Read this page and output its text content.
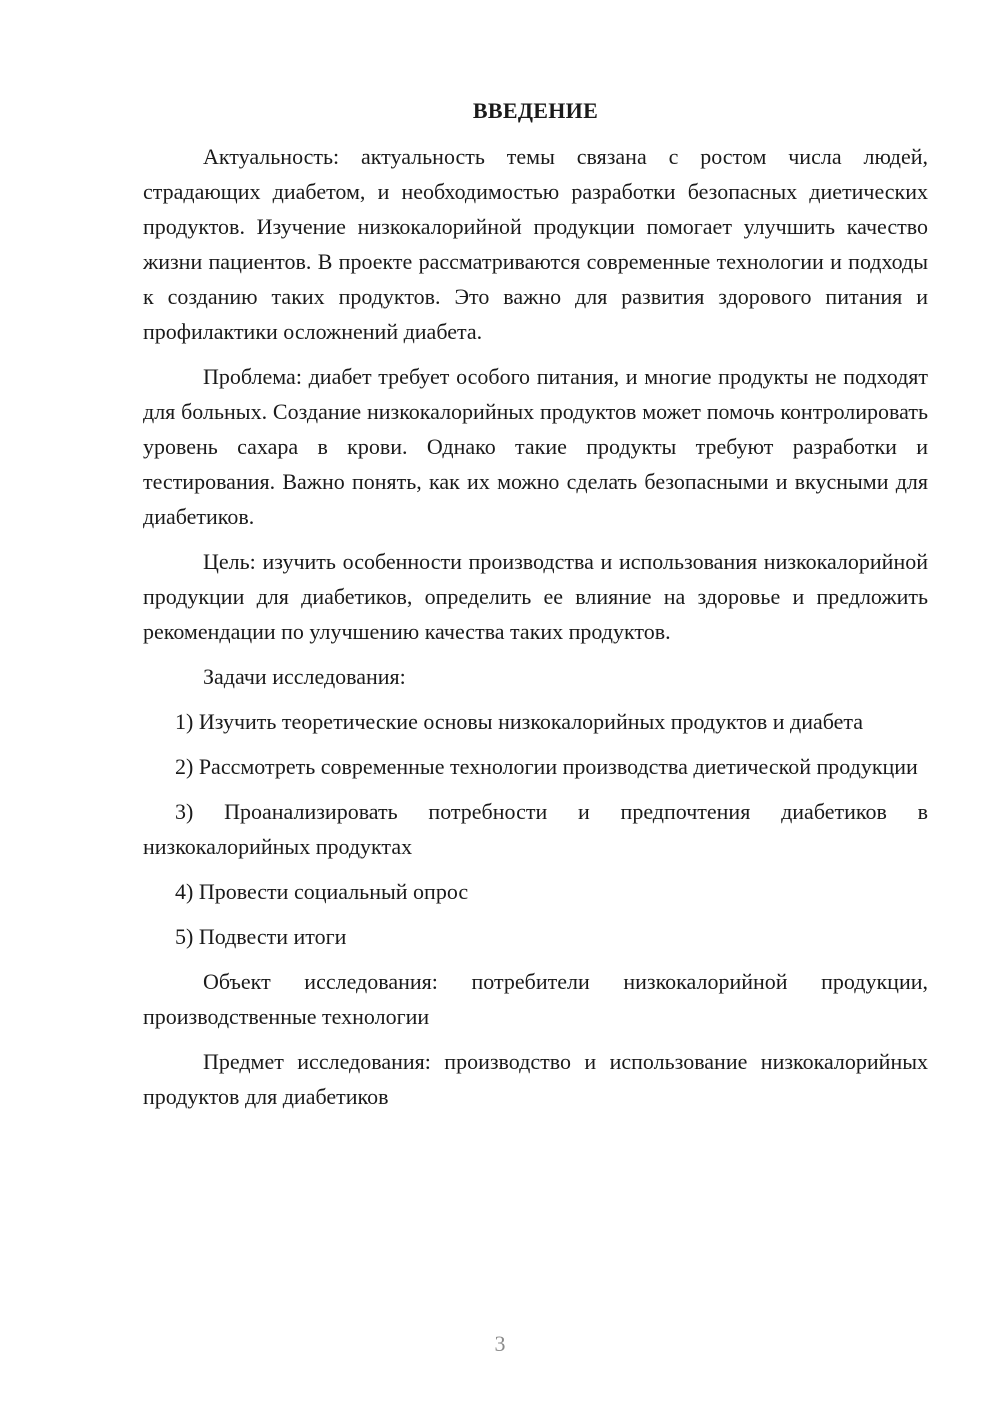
ВВЕДЕНИЕ

Актуальность: актуальность темы связана с ростом числа людей, страдающих диабетом, и необходимостью разработки безопасных диетических продуктов. Изучение низкокалорийной продукции помогает улучшить качество жизни пациентов. В проекте рассматриваются современные технологии и подходы к созданию таких продуктов. Это важно для развития здорового питания и профилактики осложнений диабета.

Проблема: диабет требует особого питания, и многие продукты не подходят для больных. Создание низкокалорийных продуктов может помочь контролировать уровень сахара в крови. Однако такие продукты требуют разработки и тестирования. Важно понять, как их можно сделать безопасными и вкусными для диабетиков.

Цель: изучить особенности производства и использования низкокалорийной продукции для диабетиков, определить ее влияние на здоровье и предложить рекомендации по улучшению качества таких продуктов.

Задачи исследования:

1) Изучить теоретические основы низкокалорийных продуктов и диабета

2) Рассмотреть современные технологии производства диетической продукции

3) Проанализировать потребности и предпочтения диабетиков в низкокалорийных продуктах

4) Провести социальный опрос

5) Подвести итоги

Объект исследования: потребители низкокалорийной продукции, производственные технологии

Предмет исследования: производство и использование низкокалорийных продуктов для диабетиков

3
